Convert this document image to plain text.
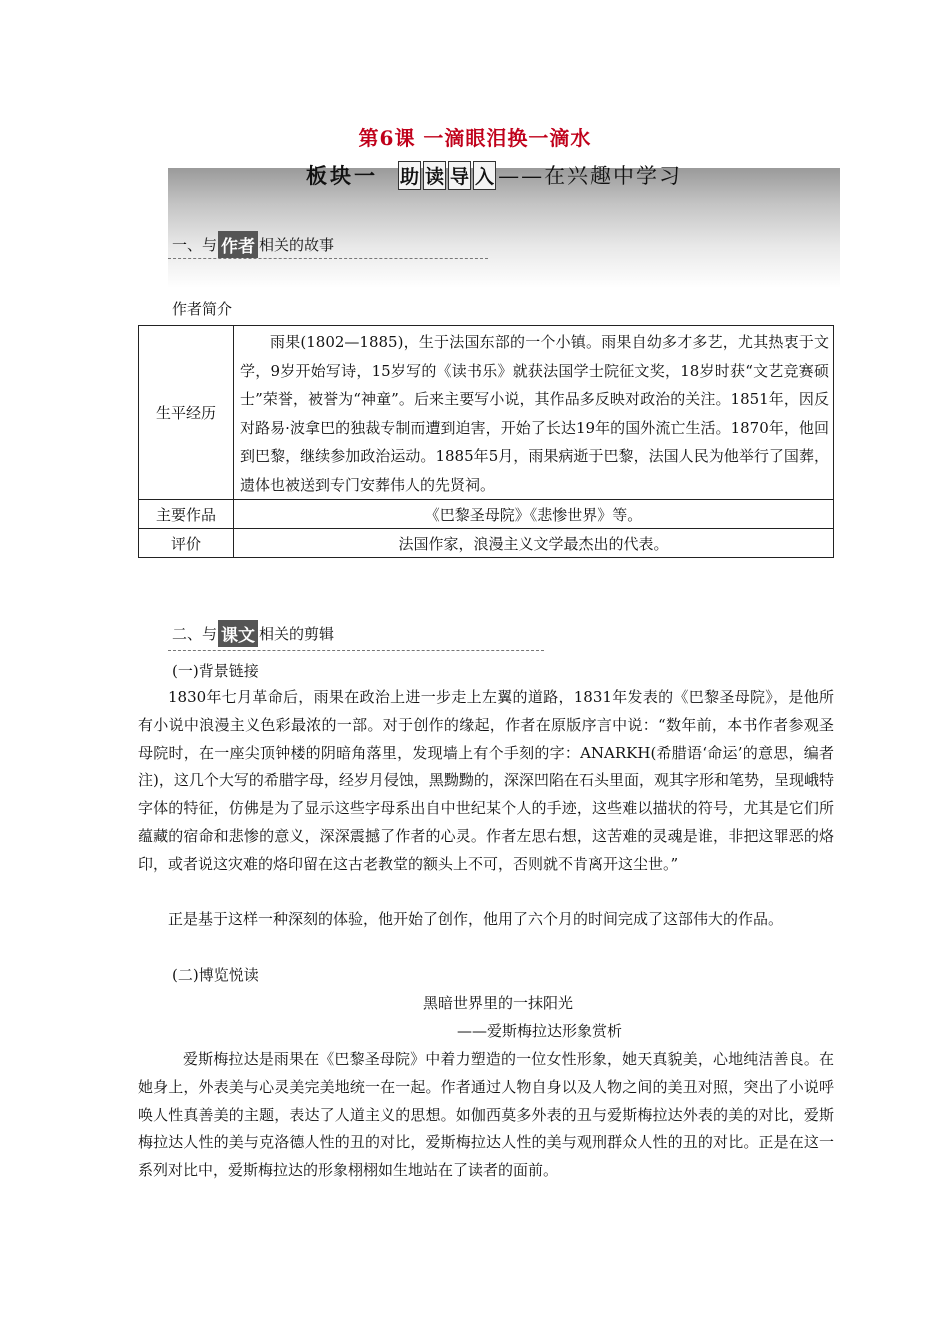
第6课 一滴眼泪换一滴水
板块一 助 读 导 入 ——在兴趣中学习
一、与 作者 相关的故事
作者简介
生平经历	雨果(1802—1885)，生于法国东部的一个小镇。雨果自幼多才多艺，尤其热衷于文学，9岁开始写诗，15岁写的《读书乐》就获法国学士院征文奖，18岁时获“文艺竞赛硕士”荣誉，被誉为“神童”。后来主要写小说，其作品多反映对政治的关注。1851年，因反对路易·波拿巴的独裁专制而遭到迫害，开始了长达19年的国外流亡生活。1870年，他回到巴黎，继续参加政治运动。1885年5月，雨果病逝于巴黎，法国人民为他举行了国葬，遗体也被送到专门安葬伟人的先贤祠。
主要作品	《巴黎圣母院》《悲惨世界》等。
评价	法国作家，浪漫主义文学最杰出的代表。
二、与 课文 相关的剪辑
(一)背景链接

1830年七月革命后，雨果在政治上进一步走上左翼的道路，1831年发表的《巴黎圣母院》，是他所有小说中浪漫主义色彩最浓的一部。对于创作的缘起，作者在原版序言中说：“数年前，本书作者参观圣母院时，在一座尖顶钟楼的阴暗角落里，发现墙上有个手刻的字：ANARKH(希腊语‘命运’的意思，编者注)，这几个大写的希腊字母，经岁月侵蚀，黑黝黝的，深深凹陷在石头里面，观其字形和笔势，呈现峨特字体的特征，仿佛是为了显示这些字母系出自中世纪某个人的手迹，这些难以描状的符号，尤其是它们所蕴藏的宿命和悲惨的意义，深深震撼了作者的心灵。作者左思右想，这苦难的灵魂是谁，非把这罪恶的烙印，或者说这灾难的烙印留在这古老教堂的额头上不可，否则就不肯离开这尘世。”

正是基于这样一种深刻的体验，他开始了创作，他用了六个月的时间完成了这部伟大的作品。

(二)博览悦读
黑暗世界里的一抹阳光
——爱斯梅拉达形象赏析

爱斯梅拉达是雨果在《巴黎圣母院》中着力塑造的一位女性形象，她天真貌美，心地纯洁善良。在她身上，外表美与心灵美完美地统一在一起。作者通过人物自身以及人物之间的美丑对照，突出了小说呼唤人性真善美的主题，表达了人道主义的思想。如伽西莫多外表的丑与爱斯梅拉达外表的美的对比，爱斯梅拉达人性的美与克洛德人性的丑的对比，爱斯梅拉达人性的美与观刑群众人性的丑的对比。正是在这一系列对比中，爱斯梅拉达的形象栩栩如生地站在了读者的面前。
